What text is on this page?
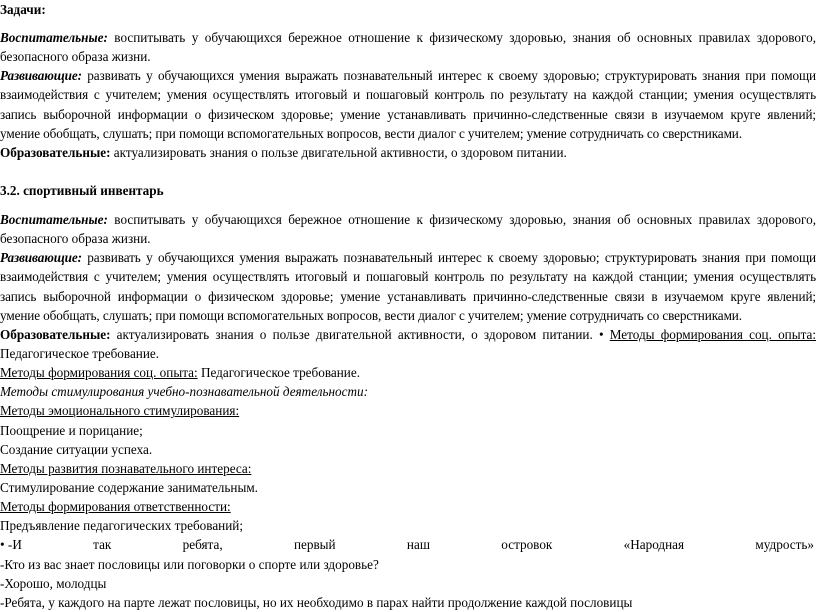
Задачи:
Воспитательные: воспитывать у обучающихся бережное отношение к физическому здоровью, знания об основных правилах здорового,
безопасного образа жизни.
Развивающие: развивать у обучающихся умения выражать познавательный интерес к своему здоровью; структурировать знания при помощи
взаимодействия с учителем; умения осуществлять итоговый и пошаговый контроль по результату на каждой станции; умения осуществлять
запись выборочной информации о физическом здоровье; умение устанавливать причинно-следственные связи в изучаемом круге явлений;
умение обобщать, слушать; при помощи вспомогательных вопросов, вести диалог с учителем; умение сотрудничать со сверстниками.
Образовательные: актуализировать знания о пользе двигательной активности, о здоровом питании.
3.2. спортивный инвентарь
Воспитательные: воспитывать у обучающихся бережное отношение к физическому здоровью, знания об основных правилах здорового,
безопасного образа жизни.
Развивающие: развивать у обучающихся умения выражать познавательный интерес к своему здоровью; структурировать знания при помощи
взаимодействия с учителем; умения осуществлять итоговый и пошаговый контроль по результату на каждой станции; умения осуществлять
запись выборочной информации о физическом здоровье; умение устанавливать причинно-следственные связи в изучаемом круге явлений;
умение обобщать, слушать; при помощи вспомогательных вопросов, вести диалог с учителем; умение сотрудничать со сверстниками.
Образовательные: актуализировать знания о пользе двигательной активности, о здоровом питании. • Методы формирования соц. опыта:
Педагогическое требование.
Методы формирования соц. опыта: Педагогическое требование.
Методы стимулирования учебно-познавательной деятельности:
Методы эмоционального стимулирования:
Поощрение и порицание;
Создание ситуации успеха.
Методы развития познавательного интереса:
Стимулирование содержание занимательным.
Методы формирования ответственности:
Предъявление педагогических требований;
• -И	так	ребята,	первый	наш	островок	«Народная	мудрость»
-Кто из вас знает пословицы или поговорки о спорте или здоровье?
-Хорошо, молодцы
-Ребята, у каждого на парте лежат пословицы, но их необходимо в парах найти продолжение каждой пословицы
